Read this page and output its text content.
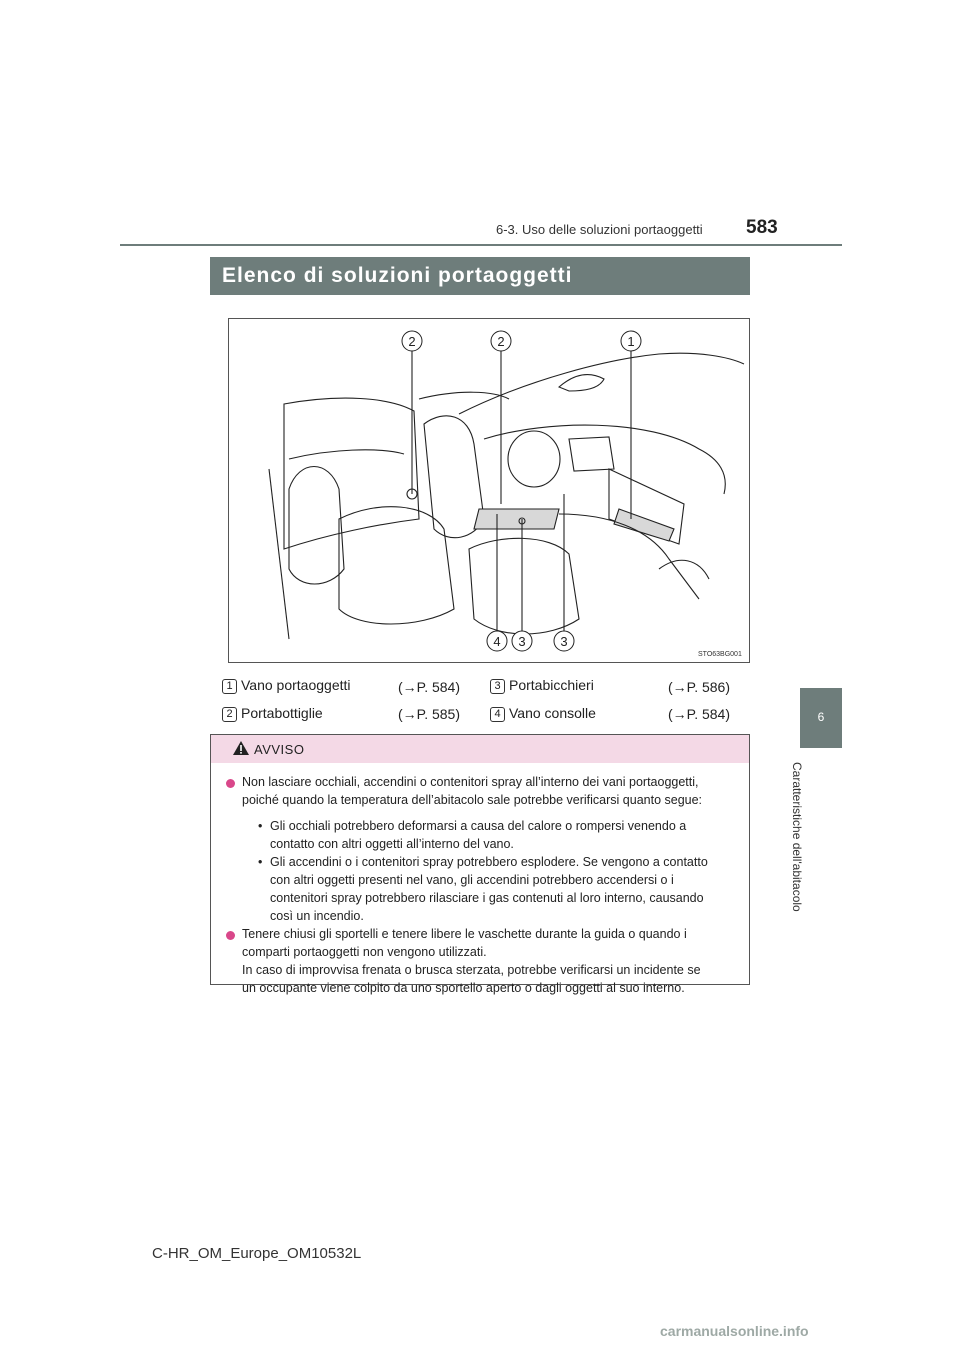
6-3. Uso delle soluzioni portaoggetti 583
6
Caratteristiche dell'abitacolo
Elenco di soluzioni portaoggetti
2	2	1
4 3	3
STO63BG001
1 Vano portaoggetti	(→P. 584)	3 Portabicchieri	(→P. 586)
2 Portabottiglie	(→P. 585)	4 Vano consolle	(→P. 584)
AVVISO
Non lasciare occhiali, accendini o contenitori spray all’interno dei vani portaoggetti,
poiché quando la temperatura dell’abitacolo sale potrebbe verificarsi quanto segue:
• Gli occhiali potrebbero deformarsi a causa del calore o rompersi venendo a
contatto con altri oggetti all’interno del vano.
• Gli accendini o i contenitori spray potrebbero esplodere. Se vengono a contatto
con altri oggetti presenti nel vano, gli accendini potrebbero accendersi o i
contenitori spray potrebbero rilasciare i gas contenuti al loro interno, causando
così un incendio.
Tenere chiusi gli sportelli e tenere libere le vaschette durante la guida o quando i
comparti portaoggetti non vengono utilizzati.
In caso di improvvisa frenata o brusca sterzata, potrebbe verificarsi un incidente se
un occupante viene colpito da uno sportello aperto o dagli oggetti al suo interno.
C-HR_OM_Europe_OM10532L
carmanualsonline.info
